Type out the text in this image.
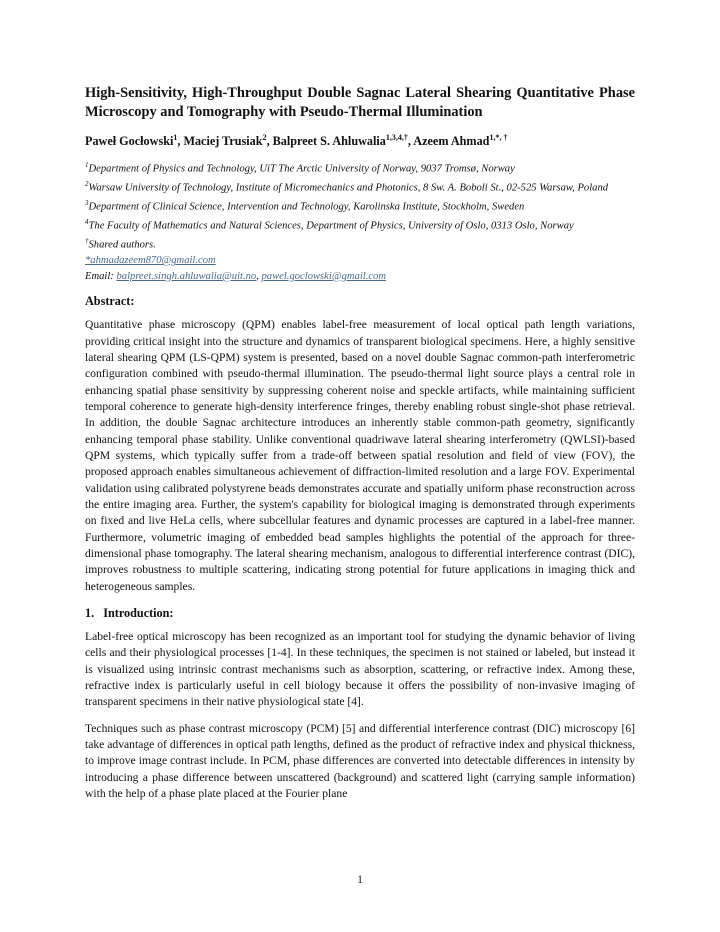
High-Sensitivity, High-Throughput Double Sagnac Lateral Shearing Quantitative Phase Microscopy and Tomography with Pseudo-Thermal Illumination
Paweł Gocłowski$^1$, Maciej Trusiak$^2$, Balpreet S. Ahluwalia$^{1,3,4,\dagger}$, Azeem Ahmad$^{1,*, \dagger}$
$^1$Department of Physics and Technology, UiT The Arctic University of Norway, 9037 Tromsø, Norway
$^2$Warsaw University of Technology, Institute of Micromechanics and Photonics, 8 Sw. A. Boboli St., 02-525 Warsaw, Poland
$^3$Department of Clinical Science, Intervention and Technology, Karolinska Institute, Stockholm, Sweden
$^4$The Faculty of Mathematics and Natural Sciences, Department of Physics, University of Oslo, 0313 Oslo, Norway
†Shared authors.
*ahmadazeem870@gmail.com
Email: balpreet.singh.ahluwalia@uit.no, pawel.goclowski@gmail.com
Abstract:

Quantitative phase microscopy (QPM) enables label-free measurement of local optical path length variations, providing critical insight into the structure and dynamics of transparent biological specimens. Here, a highly sensitive lateral shearing QPM (LS-QPM) system is presented, based on a novel double Sagnac common-path interferometric configuration combined with pseudo-thermal illumination. The pseudo-thermal light source plays a central role in enhancing spatial phase sensitivity by suppressing coherent noise and speckle artifacts, while maintaining sufficient temporal coherence to generate high-density interference fringes, thereby enabling robust single-shot phase retrieval. In addition, the double Sagnac architecture introduces an inherently stable common-path geometry, significantly enhancing temporal phase stability. Unlike conventional quadriwave lateral shearing interferometry (QWLSI)-based QPM systems, which typically suffer from a trade-off between spatial resolution and field of view (FOV), the proposed approach enables simultaneous achievement of diffraction-limited resolution and a large FOV. Experimental validation using calibrated polystyrene beads demonstrates accurate and spatially uniform phase reconstruction across the entire imaging area. Further, the system's capability for biological imaging is demonstrated through experiments on fixed and live HeLa cells, where subcellular features and dynamic processes are captured in a label-free manner. Furthermore, volumetric imaging of embedded bead samples highlights the potential of the approach for three-dimensional phase tomography. The lateral shearing mechanism, analogous to differential interference contrast (DIC), improves robustness to multiple scattering, indicating strong potential for future applications in imaging thick and heterogeneous samples.

1.   Introduction:

Label-free optical microscopy has been recognized as an important tool for studying the dynamic behavior of living cells and their physiological processes [1-4]. In these techniques, the specimen is not stained or labeled, but instead it is visualized using intrinsic contrast mechanisms such as absorption, scattering, or refractive index. Among these, refractive index is particularly useful in cell biology because it offers the possibility of non-invasive imaging of transparent specimens in their native physiological state [4].

Techniques such as phase contrast microscopy (PCM) [5] and differential interference contrast (DIC) microscopy [6] take advantage of differences in optical path lengths, defined as the product of refractive index and physical thickness, to improve image contrast include. In PCM, phase differences are converted into detectable differences in intensity by introducing a phase difference between unscattered (background) and scattered light (carrying sample information) with the help of a phase plate placed at the Fourier plane

1
